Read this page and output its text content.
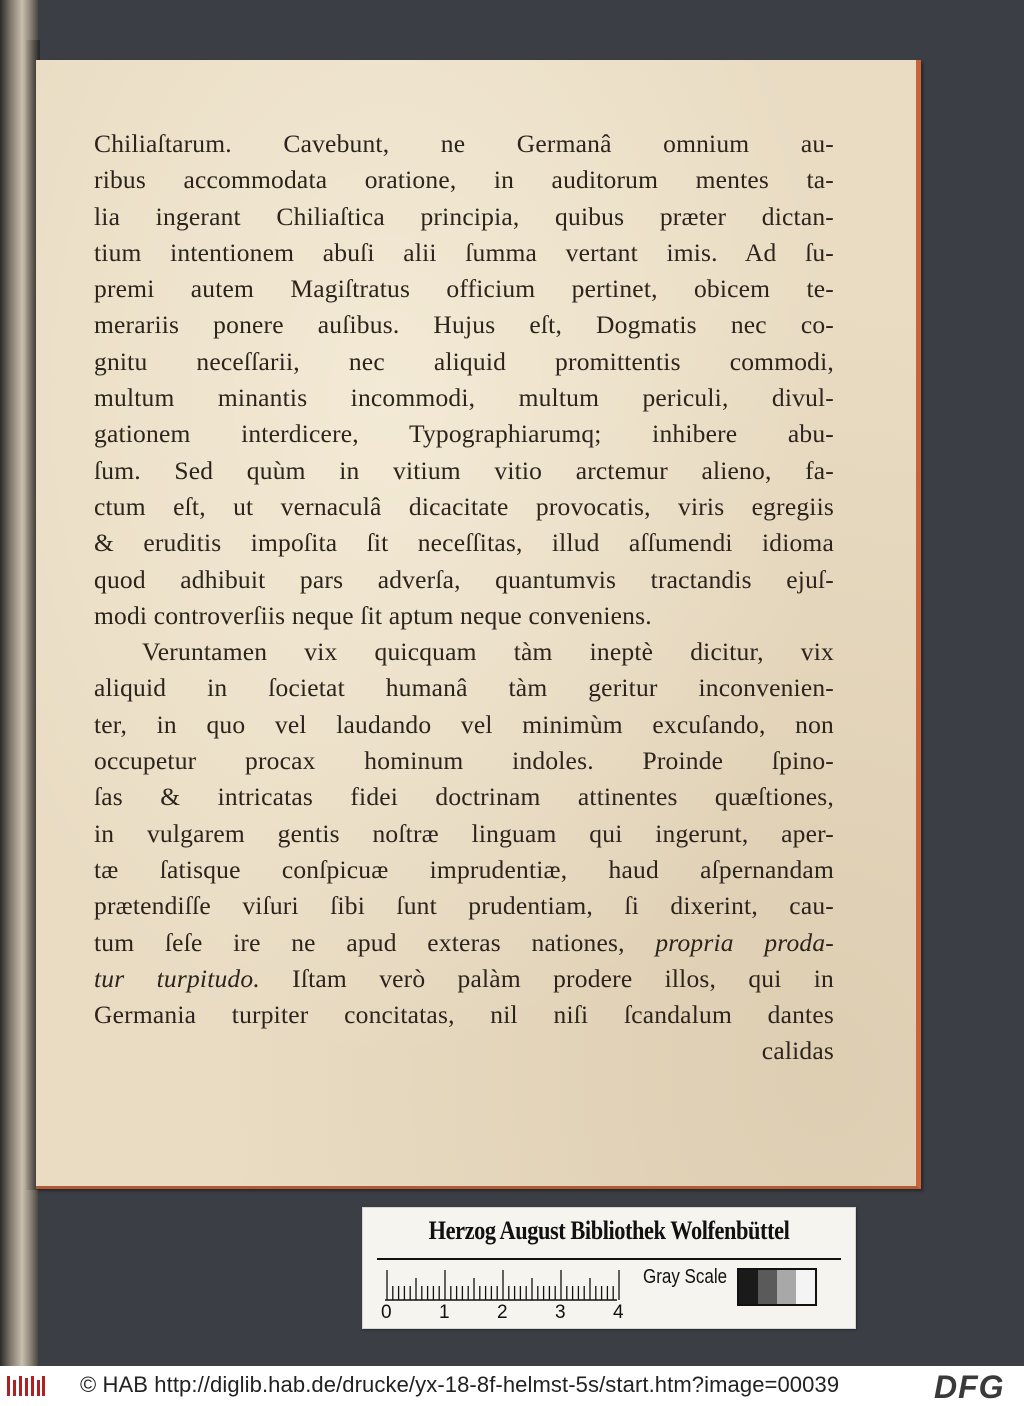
Chiliaſtarum. Cavebunt, ne Germanâ omnium au-
ribus accommodata oratione, in auditorum mentes ta-
lia ingerant Chiliaſtica principia, quibus præter dictan-
tium intentionem abuſi alii ſumma vertant imis. Ad ſu-
premi autem Magiſtratus officium pertinet, obicem te-
merariis ponere auſibus. Hujus eſt, Dogmatis nec co-
gnitu neceſſarii, nec aliquid promittentis commodi,
multum minantis incommodi, multum periculi, divul-
gationem interdicere, Typographiarumq; inhibere abu-
ſum. Sed quùm in vitium vitio arctemur alieno, fa-
ctum eſt, ut vernaculâ dicacitate provocatis, viris egregiis
& eruditis impoſita ſit neceſſitas, illud aſſumendi idioma
quod adhibuit pars adverſa, quantumvis tractandis ejuſ-
modi controverſiis neque ſit aptum neque conveniens.
Veruntamen vix quicquam tàm ineptè dicitur, vix
aliquid in ſocietat humanâ tàm geritur inconvenien-
ter, in quo vel laudando vel minimùm excuſando, non
occupetur procax hominum indoles. Proinde ſpino-
ſas & intricatas fidei doctrinam attinentes quæſtiones,
in vulgarem gentis noſtræ linguam qui ingerunt, aper-
tæ ſatisque conſpicuæ imprudentiæ, haud aſpernandam
prætendiſſe viſuri ſibi ſunt prudentiam, ſi dixerint, cau-
tum ſeſe ire ne apud exteras nationes, propria proda-
tur turpitudo. Iſtam verò palàm prodere illos, qui in
Germania turpiter concitatas, nil niſi ſcandalum dantes
calidas
Herzog August Bibliothek Wolfenbüttel
Gray Scale
0 1 2 3 4
© HAB http://diglib.hab.de/drucke/yx-18-8f-helmst-5s/start.htm?image=00039	DFG
